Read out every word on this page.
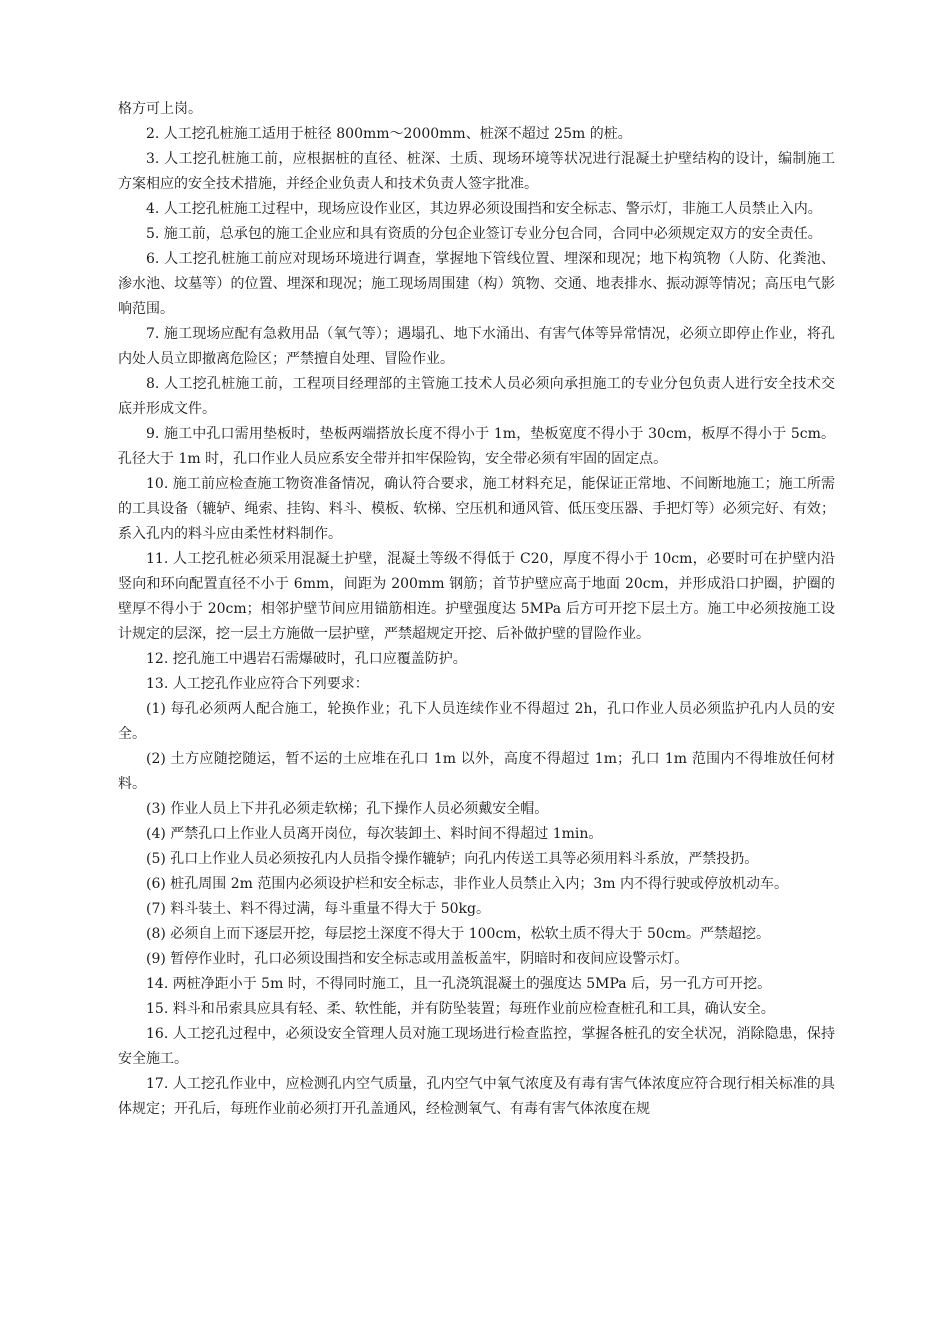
格方可上岗。

2. 人工挖孔桩施工适用于桩径 800mm～2000mm、桩深不超过 25m 的桩。

3. 人工挖孔桩施工前，应根据桩的直径、桩深、土质、现场环境等状况进行混凝土护壁结构的设计，编制施工方案相应的安全技术措施，并经企业负责人和技术负责人签字批准。

4. 人工挖孔桩施工过程中，现场应设作业区，其边界必须设围挡和安全标志、警示灯，非施工人员禁止入内。

5. 施工前，总承包的施工企业应和具有资质的分包企业签订专业分包合同，合同中必须规定双方的安全责任。

6. 人工挖孔桩施工前应对现场环境进行调查，掌握地下管线位置、埋深和现况；地下构筑物（人防、化粪池、渗水池、坟墓等）的位置、埋深和现况；施工现场周围建（构）筑物、交通、地表排水、振动源等情况；高压电气影响范围。

7. 施工现场应配有急救用品（氧气等）；遇塌孔、地下水涌出、有害气体等异常情况，必须立即停止作业，将孔内处人员立即撤离危险区；严禁擅自处理、冒险作业。

8. 人工挖孔桩施工前，工程项目经理部的主管施工技术人员必须向承担施工的专业分包负责人进行安全技术交底并形成文件。

9. 施工中孔口需用垫板时，垫板两端搭放长度不得小于 1m，垫板宽度不得小于 30cm，板厚不得小于 5cm。孔径大于 1m 时，孔口作业人员应系安全带并扣牢保险钩，安全带必须有牢固的固定点。

10. 施工前应检查施工物资准备情况，确认符合要求，施工材料充足，能保证正常地、不间断地施工；施工所需的工具设备（辘轳、绳索、挂钩、料斗、模板、软梯、空压机和通风管、低压变压器、手把灯等）必须完好、有效；系入孔内的料斗应由柔性材料制作。

11. 人工挖孔桩必须采用混凝土护壁，混凝土等级不得低于 C20，厚度不得小于 10cm，必要时可在护壁内沿竖向和环向配置直径不小于 6mm，间距为 200mm 钢筋；首节护壁应高于地面 20cm，并形成沿口护圈，护圈的壁厚不得小于 20cm；相邻护壁节间应用锚筋相连。护壁强度达 5MPa 后方可开挖下层土方。施工中必须按施工设计规定的层深，挖一层土方施做一层护壁，严禁超规定开挖、后补做护壁的冒险作业。

12. 挖孔施工中遇岩石需爆破时，孔口应覆盖防护。

13. 人工挖孔作业应符合下列要求：

(1) 每孔必须两人配合施工，轮换作业；孔下人员连续作业不得超过 2h，孔口作业人员必须监护孔内人员的安全。

(2) 土方应随挖随运，暂不运的土应堆在孔口 1m 以外，高度不得超过 1m；孔口 1m 范围内不得堆放任何材料。

(3) 作业人员上下井孔必须走软梯；孔下操作人员必须戴安全帽。

(4) 严禁孔口上作业人员离开岗位，每次装卸土、料时间不得超过 1min。

(5) 孔口上作业人员必须按孔内人员指令操作辘轳；向孔内传送工具等必须用料斗系放，严禁投扔。

(6) 桩孔周围 2m 范围内必须设护栏和安全标志，非作业人员禁止入内；3m 内不得行驶或停放机动车。

(7) 料斗装土、料不得过满，每斗重量不得大于 50kg。

(8) 必须自上而下逐层开挖，每层挖土深度不得大于 100cm，松软土质不得大于 50cm。严禁超挖。

(9) 暂停作业时，孔口必须设围挡和安全标志或用盖板盖牢，阴暗时和夜间应设警示灯。

14. 两桩净距小于 5m 时，不得同时施工，且一孔浇筑混凝土的强度达 5MPa 后，另一孔方可开挖。

15. 料斗和吊索具应具有轻、柔、软性能，并有防坠装置；每班作业前应检查桩孔和工具，确认安全。

16. 人工挖孔过程中，必须设安全管理人员对施工现场进行检查监控，掌握各桩孔的安全状况，消除隐患，保持安全施工。

17. 人工挖孔作业中，应检测孔内空气质量，孔内空气中氧气浓度及有毒有害气体浓度应符合现行相关标准的具体规定；开孔后，每班作业前必须打开孔盖通风，经检测氧气、有毒有害气体浓度在规
